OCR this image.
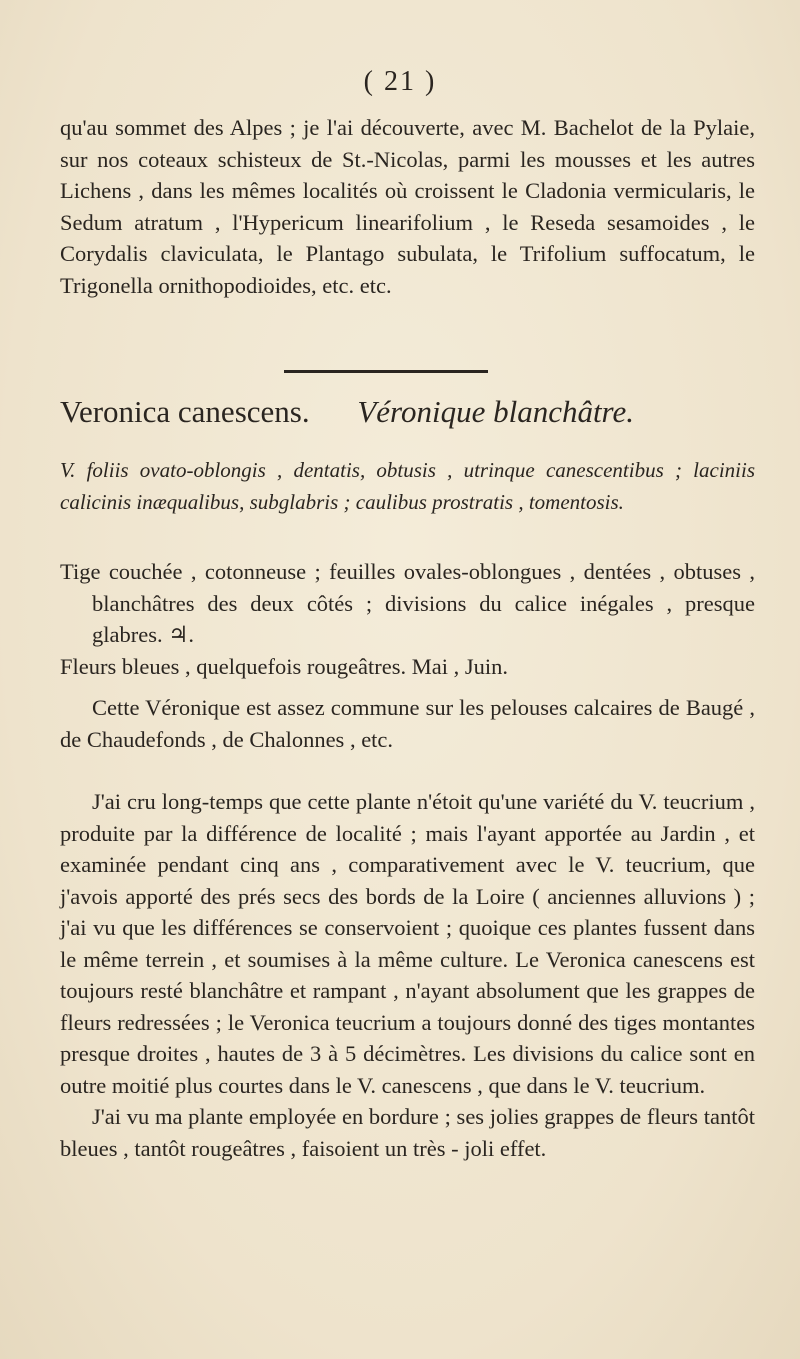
( 21 )

qu'au sommet des Alpes ; je l'ai découverte, avec M. Bachelot de la Pylaie, sur nos coteaux schisteux de St.-Nicolas, parmi les mousses et les autres Lichens , dans les mêmes localités où croissent le Cladonia vermicularis, le Sedum atratum , l'Hypericum linearifolium , le Reseda sesamoides , le Corydalis claviculata, le Plantago subulata, le Trifolium suffocatum, le Trigonella ornithopodioides, etc. etc.

Veronica canescens. Véronique blanchâtre.

V. foliis ovato-oblongis , dentatis, obtusis , utrinque canescentibus ; laciniis calicinis inæqualibus, subglabris ; caulibus prostratis , tomentosis.

Tige couchée , cotonneuse ; feuilles ovales-oblongues , dentées , obtuses , blanchâtres des deux côtés ; divisions du calice inégales , presque glabres. ♃.

Fleurs bleues , quelquefois rougeâtres. Mai , Juin.

Cette Véronique est assez commune sur les pelouses calcaires de Baugé , de Chaudefonds , de Chalonnes , etc.

J'ai cru long-temps que cette plante n'étoit qu'une variété du V. teucrium , produite par la différence de localité ; mais l'ayant apportée au Jardin , et examinée pendant cinq ans , comparativement avec le V. teucrium, que j'avois apporté des prés secs des bords de la Loire ( anciennes alluvions ) ; j'ai vu que les différences se conservoient ; quoique ces plantes fussent dans le même terrein , et soumises à la même culture. Le Veronica canescens est toujours resté blanchâtre et rampant , n'ayant absolument que les grappes de fleurs redressées ; le Veronica teucrium a toujours donné des tiges montantes presque droites , hautes de 3 à 5 décimètres. Les divisions du calice sont en outre moitié plus courtes dans le V. canescens , que dans le V. teucrium.

J'ai vu ma plante employée en bordure ; ses jolies grappes de fleurs tantôt bleues , tantôt rougeâtres , faisoient un très - joli effet.
